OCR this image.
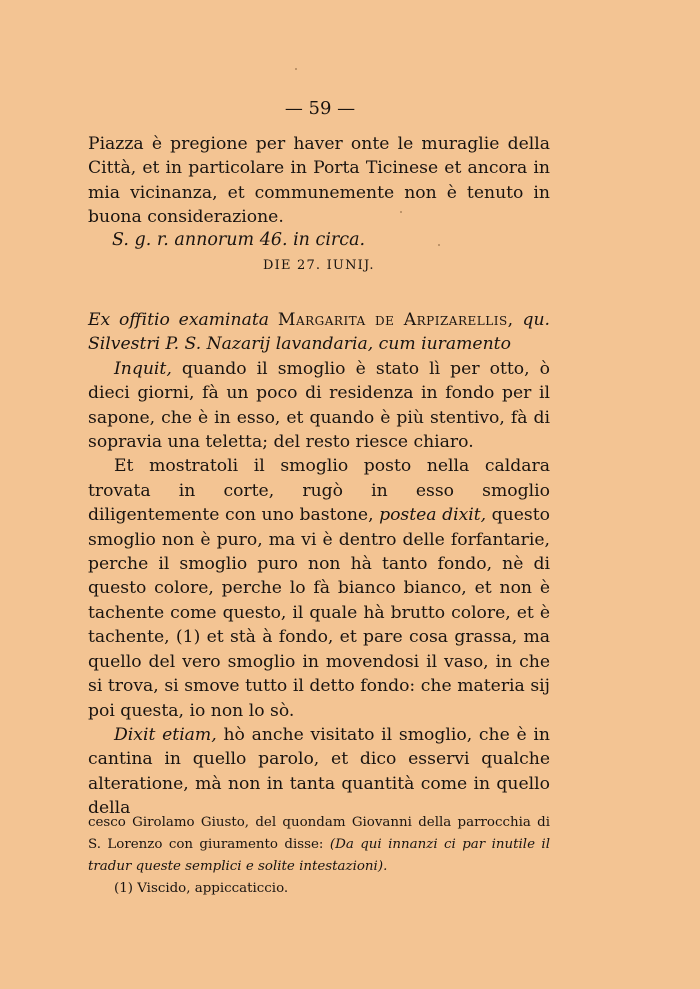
— 59 —

Piazza è pregione per haver onte le muraglie della Città, et in particolare in Porta Ticinese et ancora in mia vicinanza, et communemente non è tenuto in buona considerazione.

S. g. r. annorum 46. in circa.
DIE 27. IUNIJ.

Ex offitio examinata Margarita de Arpizarellis, qu. Silvestri P. S. Nazarij lavandaria, cum iuramento

Inquit, quando il smoglio è stato lì per otto, ò dieci giorni, fà un poco di residenza in fondo per il sapone, che è in esso, et quando è più stentivo, fà di sopravia una teletta; del resto riesce chiaro.

Et mostratoli il smoglio posto nella caldara trovata in corte, rugò in esso smoglio diligentemente con uno bastone, postea dixit, questo smoglio non è puro, ma vi è dentro delle forfantarie, perche il smoglio puro non hà tanto fondo, nè di questo colore, perche lo fà bianco bianco, et non è tachente come questo, il quale hà brutto colore, et è tachente, (1) et stà à fondo, et pare cosa grassa, ma quello del vero smoglio in movendosi il vaso, in che si trova, si smove tutto il detto fondo: che materia sij poi questa, io non lo sò.

Dixit etiam, hò anche visitato il smoglio, che è in cantina in quello parolo, et dico esservi qualche alteratione, mà non in tanta quantità come in quello della

cesco Girolamo Giusto, del quondam Giovanni della parrocchia di S. Lorenzo con giuramento disse: (Da qui innanzi ci par inutile il tradur queste semplici e solite intestazioni).

(1) Viscido, appiccaticcio.
